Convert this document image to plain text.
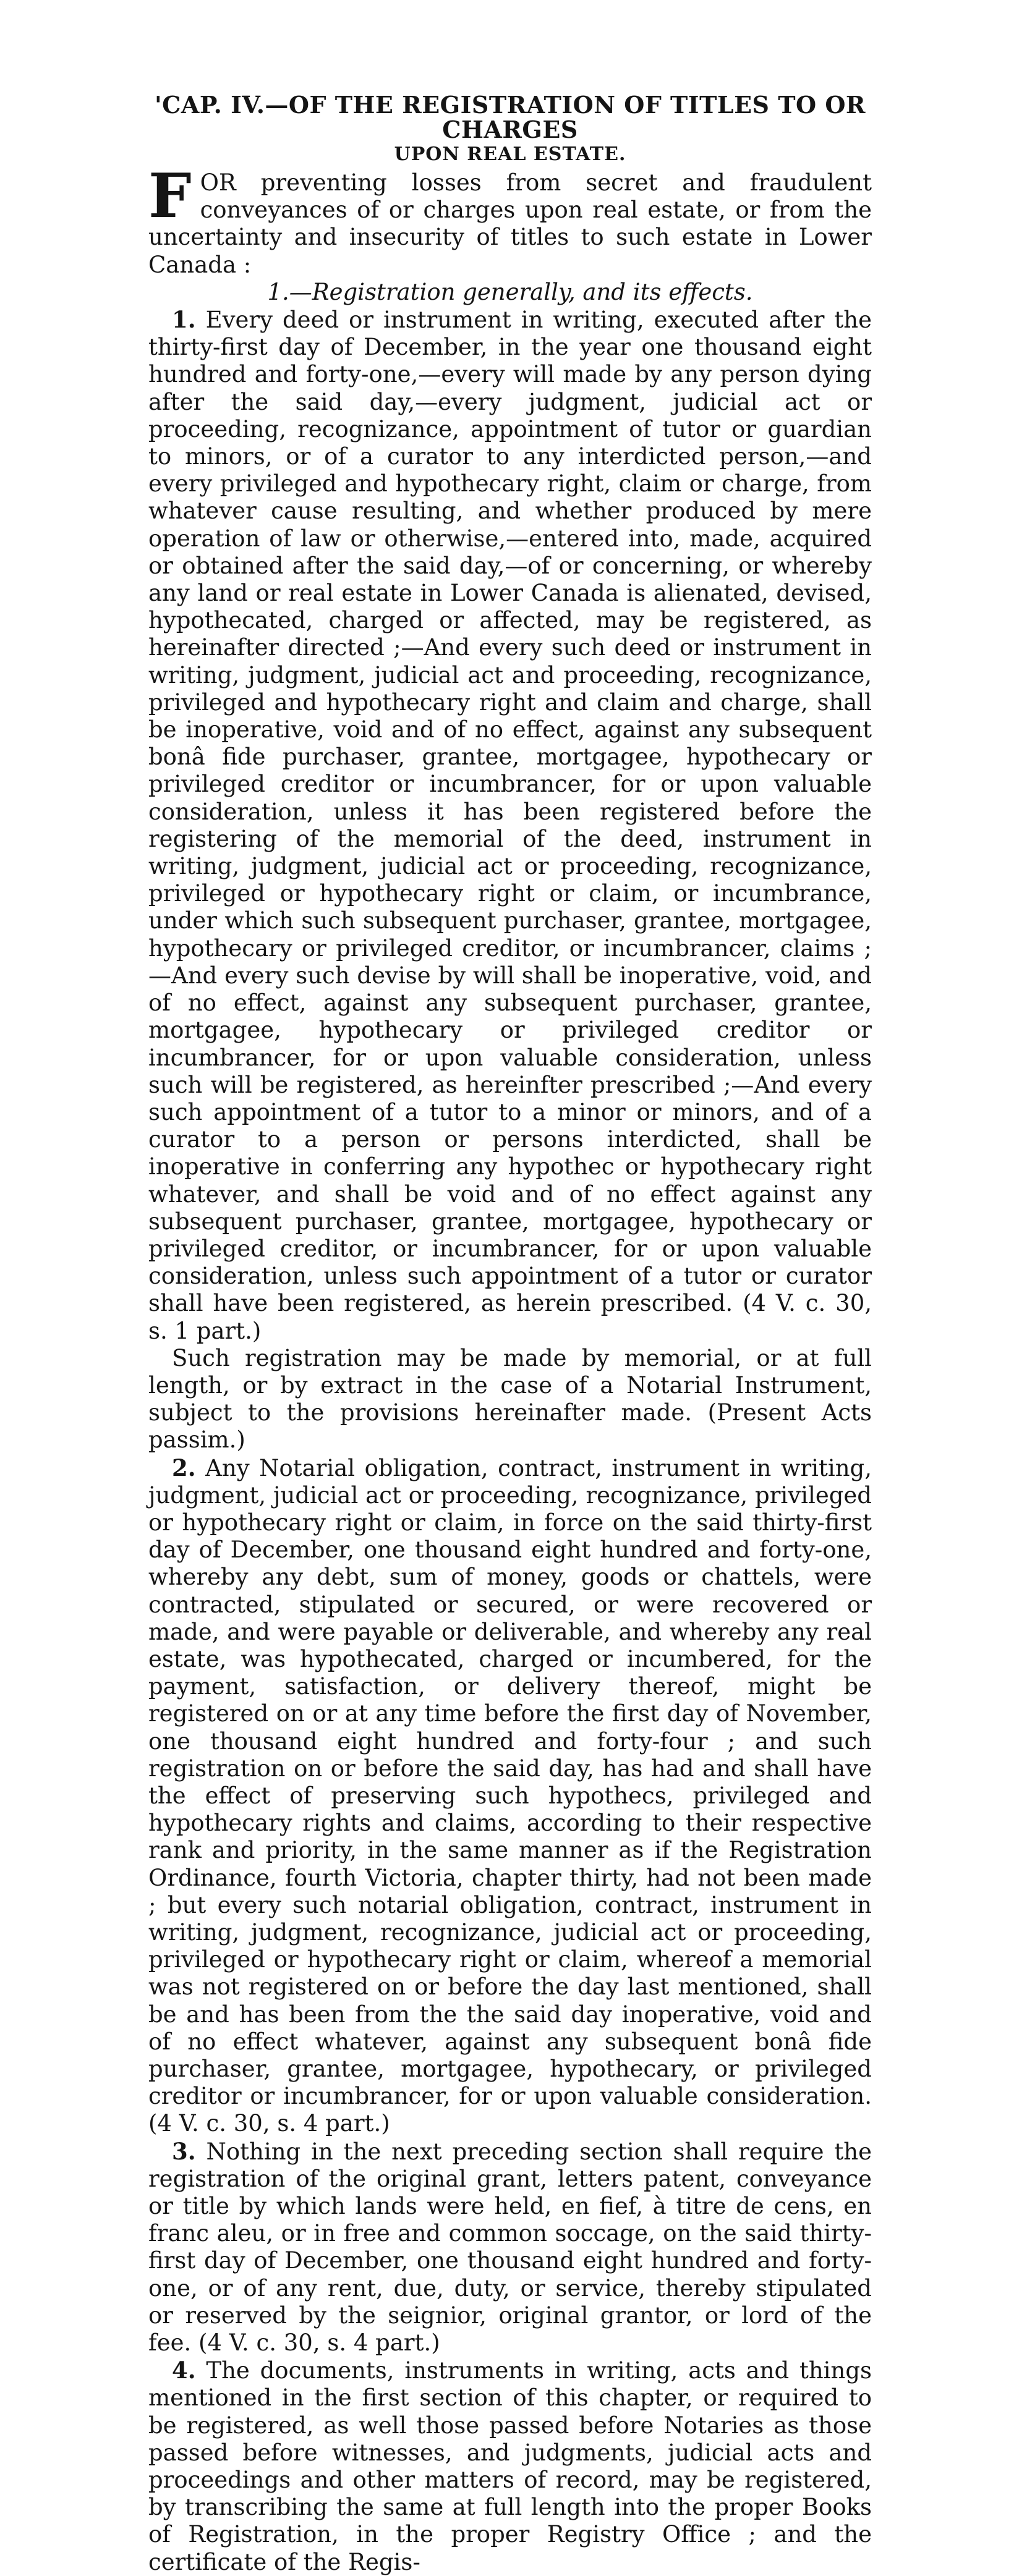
'CAP. IV.—OF THE REGISTRATION OF TITLES TO OR CHARGES
UPON REAL ESTATE.

FOR preventing losses from secret and fraudulent conveyances of or charges upon real estate, or from the uncertainty and insecurity of titles to such estate in Lower Canada :

1.—Registration generally, and its effects.

1. Every deed or instrument in writing, executed after the thirty-first day of December, in the year one thousand eight hundred and forty-one,—every will made by any person dying after the said day,—every judgment, judicial act or proceeding, recognizance, appointment of tutor or guardian to minors, or of a curator to any interdicted person,—and every privileged and hypothecary right, claim or charge, from whatever cause resulting, and whether produced by mere operation of law or otherwise,—entered into, made, acquired or obtained after the said day,—of or concerning, or whereby any land or real estate in Lower Canada is alienated, devised, hypothecated, charged or affected, may be registered, as hereinafter directed ;—And every such deed or instrument in writing, judgment, judicial act and proceeding, recognizance, privileged and hypothecary right and claim and charge, shall be inoperative, void and of no effect, against any subsequent bonâ fide purchaser, grantee, mortgagee, hypothecary or privileged creditor or incumbrancer, for or upon valuable consideration, unless it has been registered before the registering of the memorial of the deed, instrument in writing, judgment, judicial act or proceeding, recognizance, privileged or hypothecary right or claim, or incumbrance, under which such subsequent purchaser, grantee, mortgagee, hypothecary or privileged creditor, or incumbrancer, claims ;—And every such devise by will shall be inoperative, void, and of no effect, against any subsequent purchaser, grantee, mortgagee, hypothecary or privileged creditor or incumbrancer, for or upon valuable consideration, unless such will be registered, as hereinfter prescribed ;—And every such appointment of a tutor to a minor or minors, and of a curator to a person or persons interdicted, shall be inoperative in conferring any hypothec or hypothecary right whatever, and shall be void and of no effect against any subsequent purchaser, grantee, mortgagee, hypothecary or privileged creditor, or incumbrancer, for or upon valuable consideration, unless such appointment of a tutor or curator shall have been registered, as herein prescribed. (4 V. c. 30, s. 1 part.)

Such registration may be made by memorial, or at full length, or by extract in the case of a Notarial Instrument, subject to the provisions hereinafter made. (Present Acts passim.)

2. Any Notarial obligation, contract, instrument in writing, judgment, judicial act or proceeding, recognizance, privileged or hypothecary right or claim, in force on the said thirty-first day of December, one thousand eight hundred and forty-one, whereby any debt, sum of money, goods or chattels, were contracted, stipulated or secured, or were recovered or made, and were payable or deliverable, and whereby any real estate, was hypothecated, charged or incumbered, for the payment, satisfaction, or delivery thereof, might be registered on or at any time before the first day of November, one thousand eight hundred and forty-four ; and such registration on or before the said day, has had and shall have the effect of preserving such hypothecs, privileged and hypothecary rights and claims, according to their respective rank and priority, in the same manner as if the Registration Ordinance, fourth Victoria, chapter thirty, had not been made ; but every such notarial obligation, contract, instrument in writing, judgment, recognizance, judicial act or proceeding, privileged or hypothecary right or claim, whereof a memorial was not registered on or before the day last mentioned, shall be and has been from the the said day inoperative, void and of no effect whatever, against any subsequent bonâ fide purchaser, grantee, mortgagee, hypothecary, or privileged creditor or incumbrancer, for or upon valuable consideration. (4 V. c. 30, s. 4 part.)

3. Nothing in the next preceding section shall require the registration of the original grant, letters patent, conveyance or title by which lands were held, en fief, à titre de cens, en franc aleu, or in free and common soccage, on the said thirty-first day of December, one thousand eight hundred and forty-one, or of any rent, due, duty, or service, thereby stipulated or reserved by the seignior, original grantor, or lord of the fee. (4 V. c. 30, s. 4 part.)

4. The documents, instruments in writing, acts and things mentioned in the first section of this chapter, or required to be registered, as well those passed before Notaries as those passed before witnesses, and judgments, judicial acts and proceedings and other matters of record, may be registered, by transcribing the same at full length into the proper Books of Registration, in the proper Registry Office ; and the certificate of the Regis-
